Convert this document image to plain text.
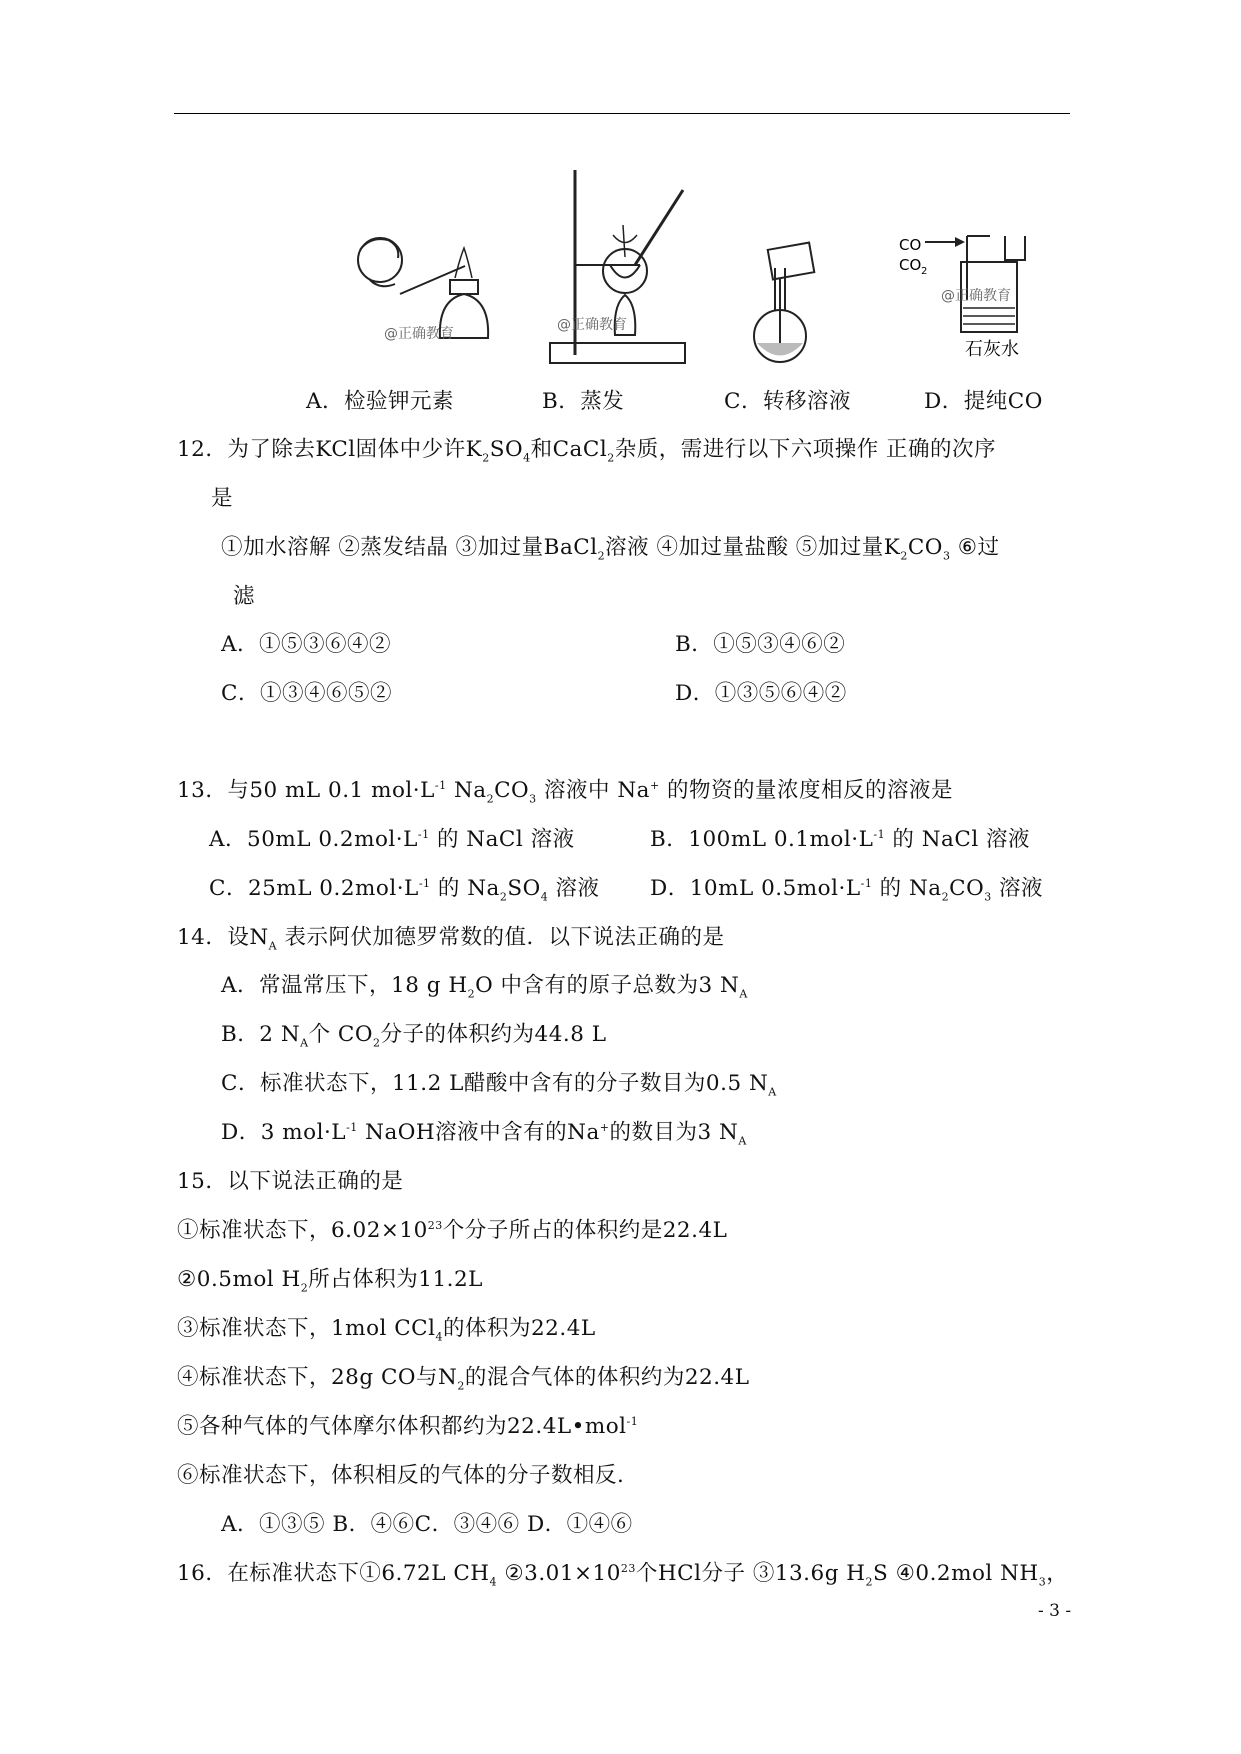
@正确教育
@正确教育
CO
CO 2
@正确教育
石灰水
A．检验钾元素	B．蒸发	C．转移溶液	D．提纯CO
12．为了除去KCl固体中少许$K_2SO_4$和CaCl$_2$杂质，需进行以下六项操作 正确的次序
是
①加水溶解 ②蒸发结晶 ③加过量BaCl$_2$溶液 ④加过量盐酸 ⑤加过量$K_2CO_3$ ⑥过
滤
A．①⑤③⑥④②	B．①⑤③④⑥②
C．①③④⑥⑤②	D．①③⑤⑥④②
13．与50 mL 0.1 $mol\cdot L^{-1}$ $Na_2CO_3$ 溶液中 Na+ 的物资的量浓度相反的溶液是
A．50mL $0.2mol\cdot L^{-1}$ 的 NaCl 溶液	B．100mL $0.1mol\cdot L^{-1}$ 的 NaCl 溶液
C．25mL $0.2mol\cdot L^{-1}$ 的 $Na_2SO_4$ 溶液 D．10mL $0.5mol\cdot L^{-1}$ 的 $Na_2CO_3$ 溶液
14．设$N_A$ 表示阿伏加德罗常数的值．以下说法正确的是
A．常温常压下，18 g $H_2O$ 中含有的原子总数为3 $N_A$
B．2 $N_A$个 $CO_2$分子的体积约为44.8 L
C．标准状态下，11.2 L醋酸中含有的分子数目为0.5 $N_A$
D．3 $mol\cdot L^{-1}$ NaOH溶液中含有的Na+的数目为3 $N_A$
15．以下说法正确的是
①标准状态下，$6.02\times 10^{23}$个分子所占的体积约是22.4L
②0.5mol $H_2$所占体积为11.2L
③标准状态下，1mol CCl$_4$的体积为22.4L
④标准状态下，28g CO与$N_2$的混合气体的体积约为22.4L
⑤各种气体的气体摩尔体积都约为22.4L•mol$^{-1}$
⑥标准状态下，体积相反的气体的分子数相反.
A．①③⑤ B．④⑥C．③④⑥ D．①④⑥
16．在标准状态下①6.72L $CH_4$ $②3.01\times 10^{23}$个HCl分子 ③13.6g $H_2S$ ④0.2mol $NH_3$，
- 3 -
